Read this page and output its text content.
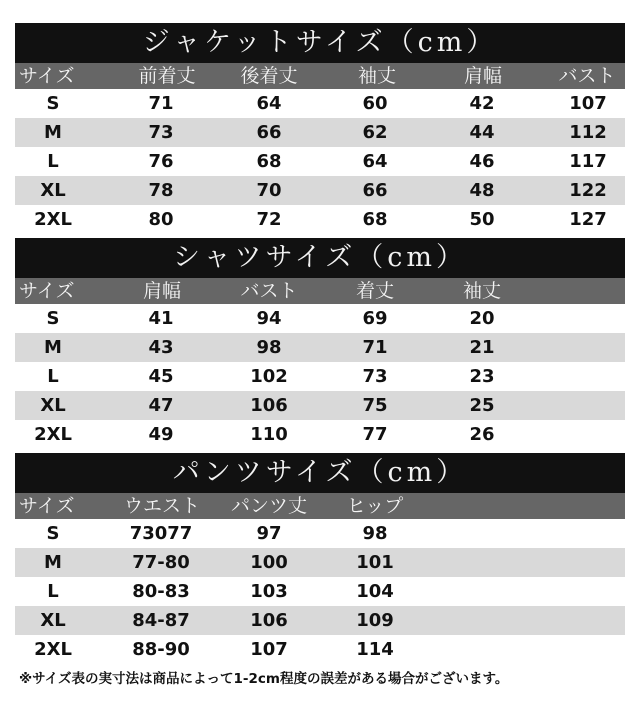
ジャケットサイズ（cm）
サイズ	前着丈 後着丈	袖丈	肩幅	バスト
S	71	64	60	42	107
M	73	66	62	44	112
L	76	68	64	46	117
XL	78	70	66	48	122
2XL	80	72	68	50	127
シャツサイズ（cm）
サイズ	肩幅	バスト	着丈	袖丈
S	41	94	69	20
M	43	98	71	21
L	45	102	73	23
XL	47	106	75	25
2XL	49	110	77	26
パンツサイズ（cm）
サイズ	ウエスト パンツ丈 ヒップ
S	73077	97	98
M	77-80	100	101
L	80-83	103	104
XL	84-87	106	109
2XL	88-90	107	114
※サイズ表の実寸法は商品によって1-2cm程度の誤差がある場合がございます。
